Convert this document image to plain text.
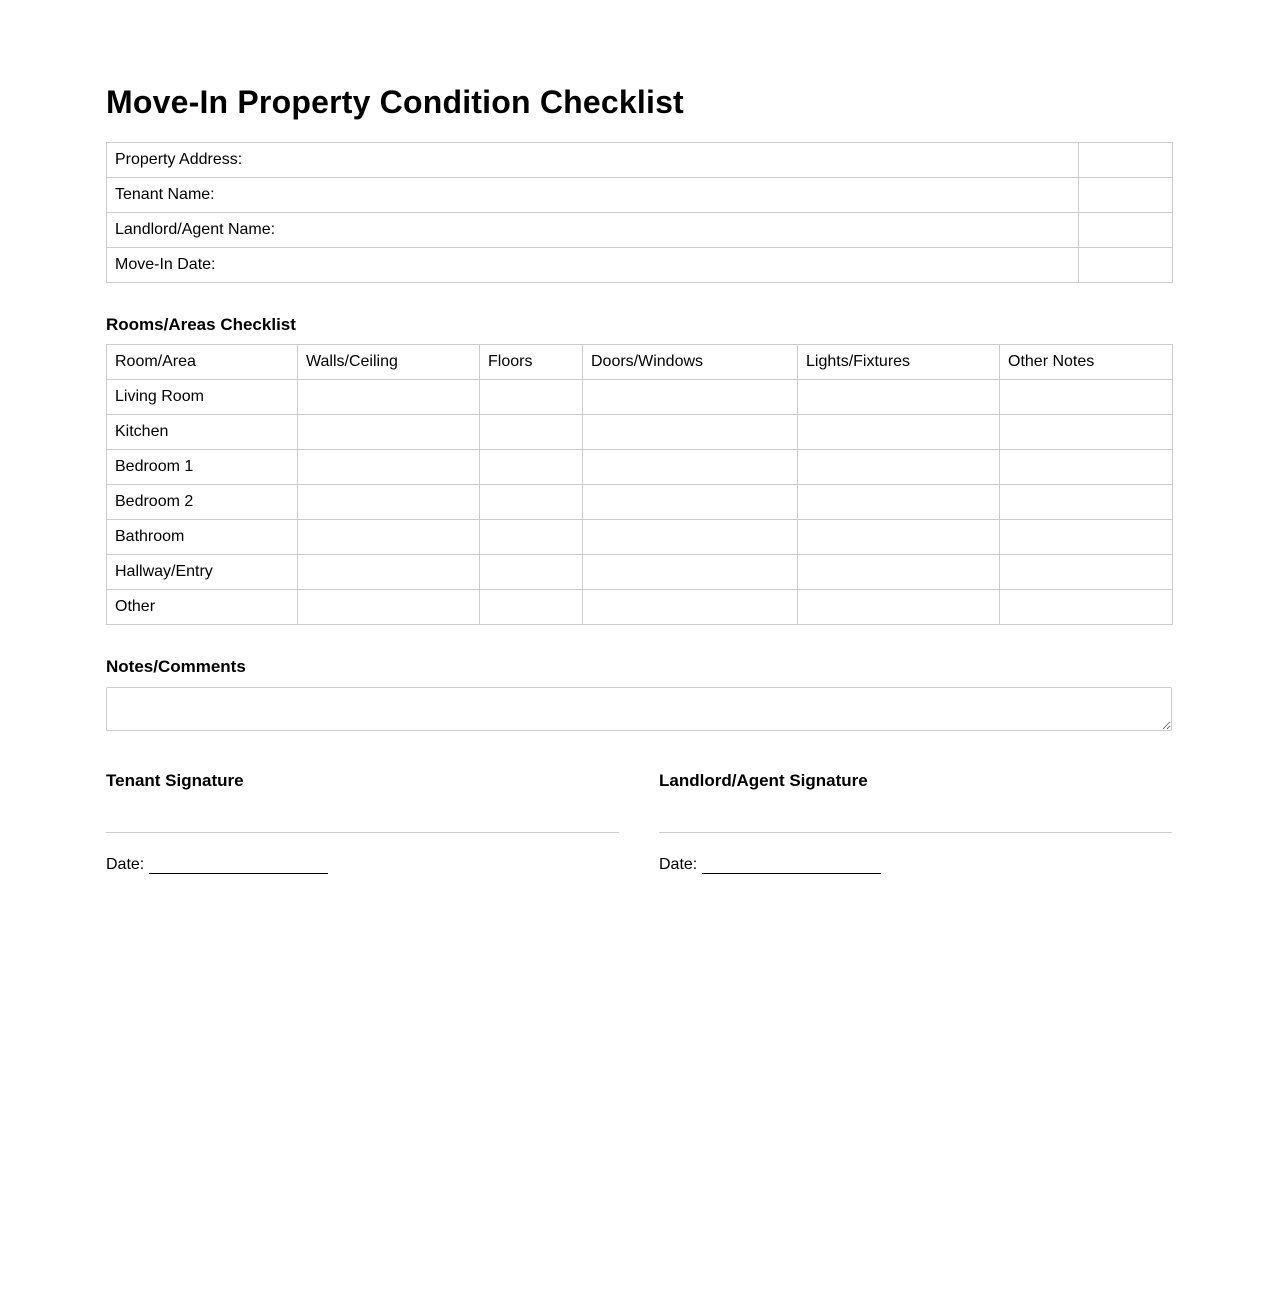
Move-In Property Condition Checklist
Property Address:	
Tenant Name:	
Landlord/Agent Name:	
Move-In Date:	
Rooms/Areas Checklist
Room/Area	Walls/Ceiling	Floors	Doors/Windows	Lights/Fixtures	Other Notes
Living Room					
Kitchen					
Bedroom 1					
Bedroom 2					
Bathroom					
Hallway/Entry					
Other					
Notes/Comments
Tenant Signature
Date:
Landlord/Agent Signature
Date:
